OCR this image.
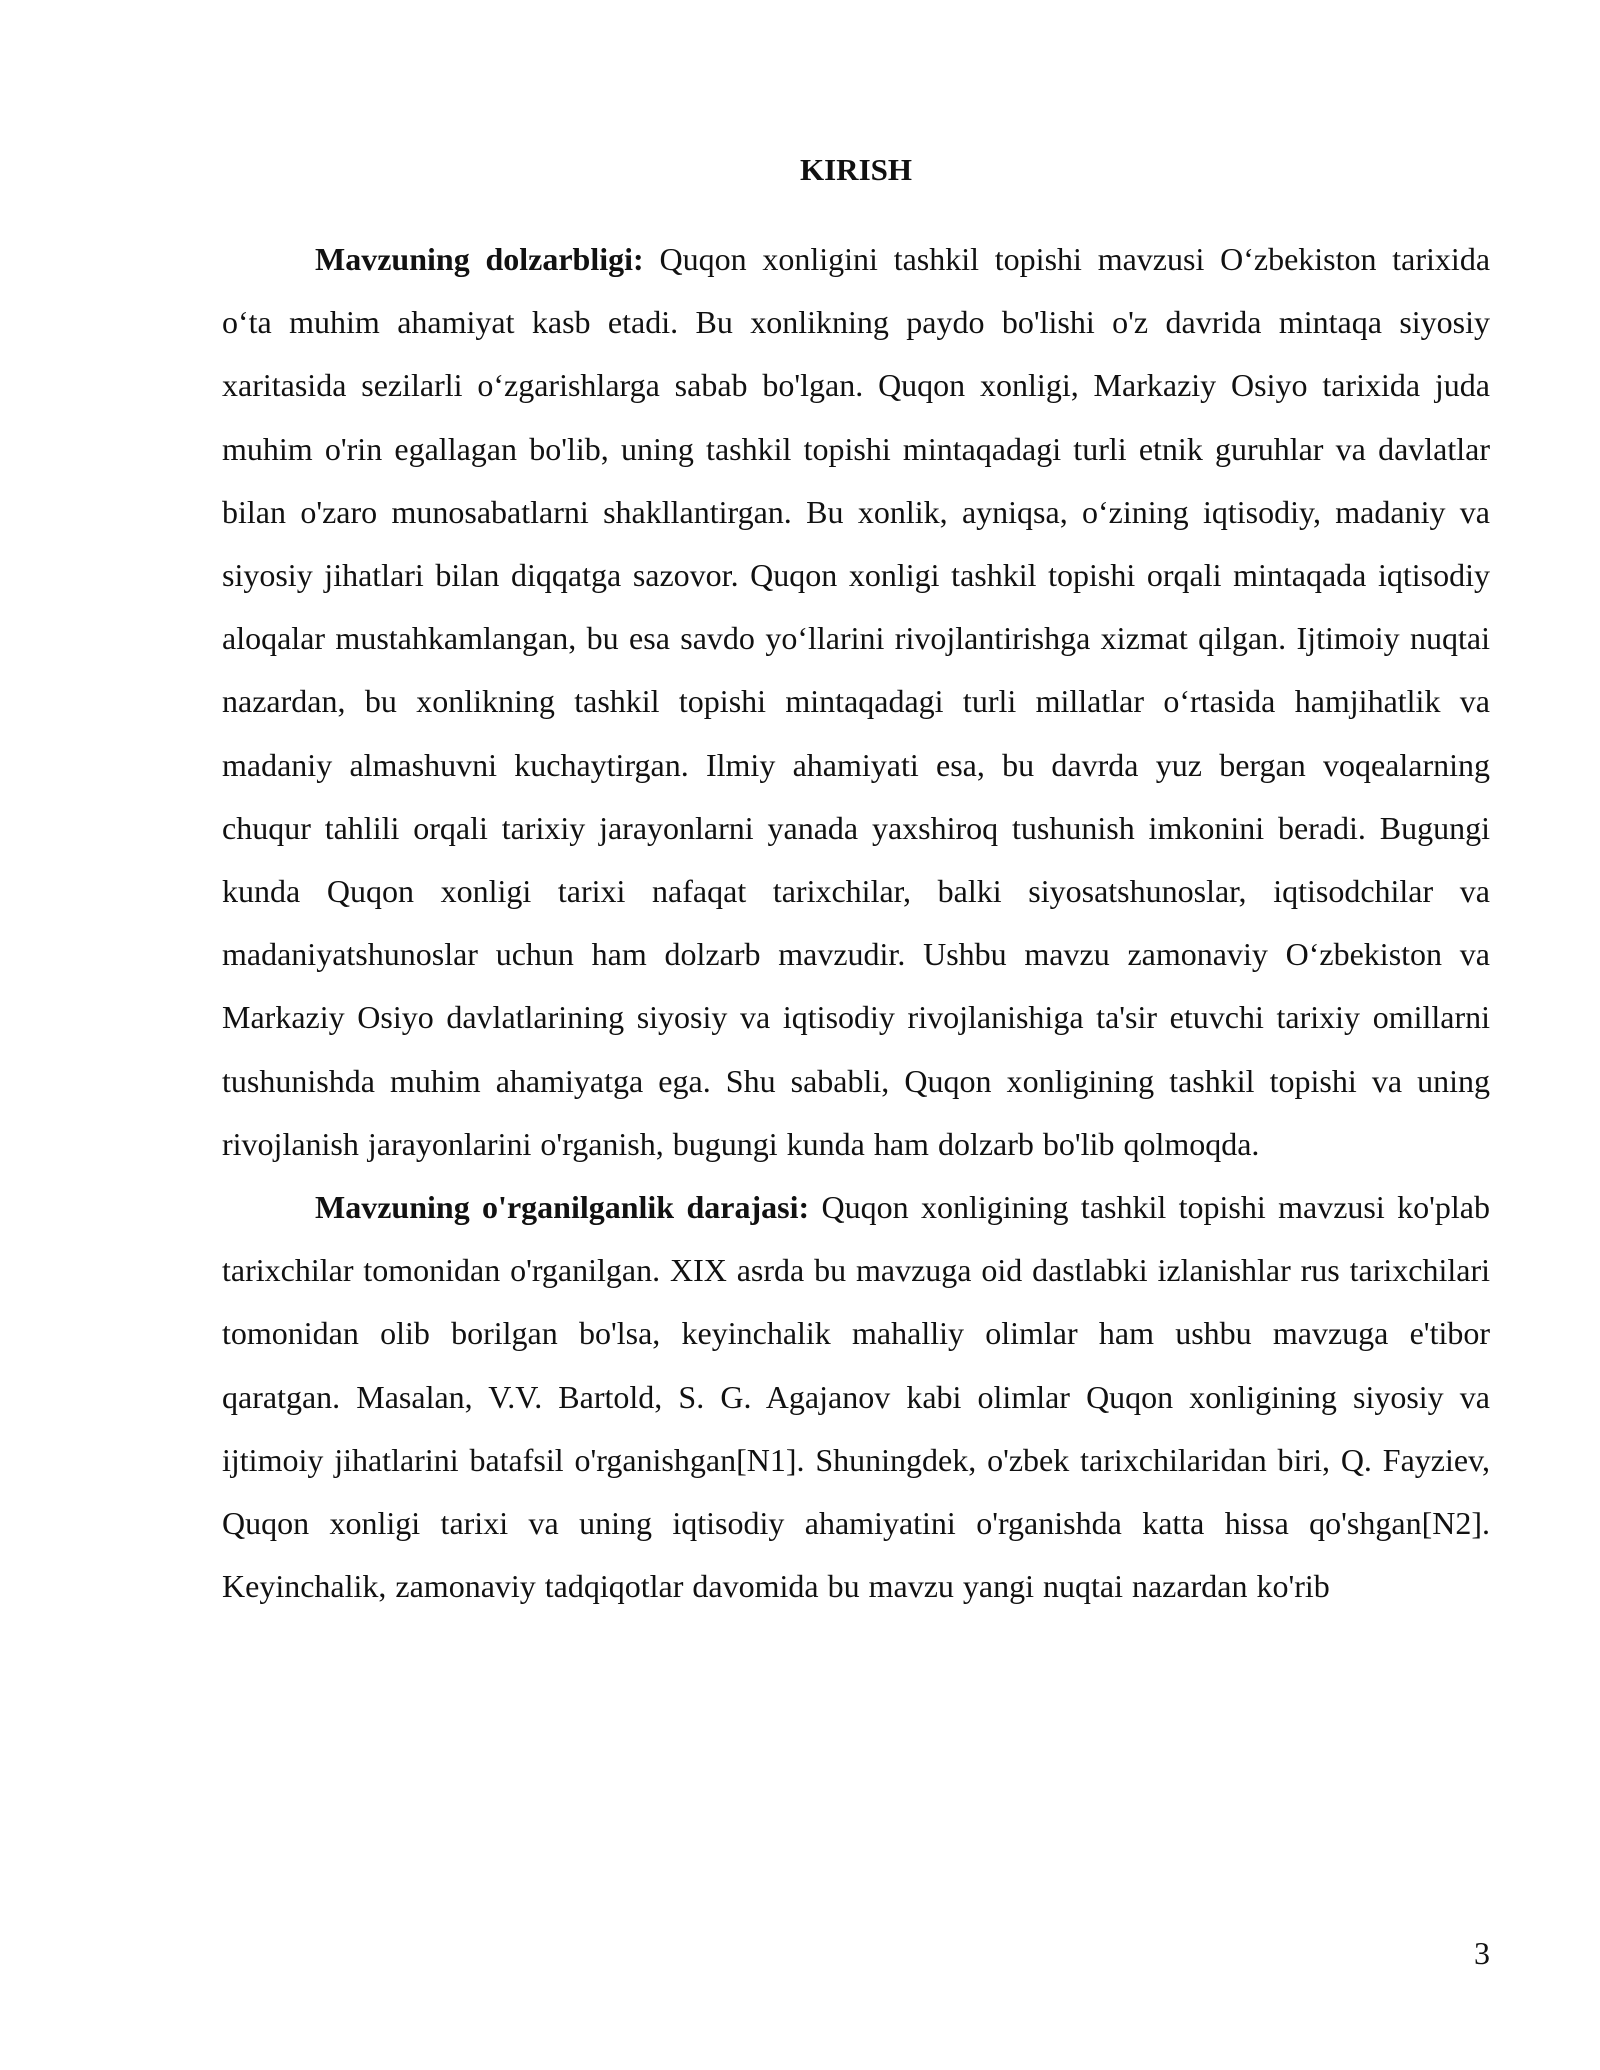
KIRISH

Mavzuning dolzarbligi: Quqon xonligini tashkil topishi mavzusi O‘zbekiston tarixida o‘ta muhim ahamiyat kasb etadi. Bu xonlikning paydo bo'lishi o'z davrida mintaqa siyosiy xaritasida sezilarli o‘zgarishlarga sabab bo'lgan. Quqon xonligi, Markaziy Osiyo tarixida juda muhim o'rin egallagan bo'lib, uning tashkil topishi mintaqadagi turli etnik guruhlar va davlatlar bilan o'zaro munosabatlarni shakllantirgan. Bu xonlik, ayniqsa, o‘zining iqtisodiy, madaniy va siyosiy jihatlari bilan diqqatga sazovor. Quqon xonligi tashkil topishi orqali mintaqada iqtisodiy aloqalar mustahkamlangan, bu esa savdo yo‘llarini rivojlantirishga xizmat qilgan. Ijtimoiy nuqtai nazardan, bu xonlikning tashkil topishi mintaqadagi turli millatlar o‘rtasida hamjihatlik va madaniy almashuvni kuchaytirgan. Ilmiy ahamiyati esa, bu davrda yuz bergan voqealarning chuqur tahlili orqali tarixiy jarayonlarni yanada yaxshiroq tushunish imkonini beradi. Bugungi kunda Quqon xonligi tarixi nafaqat tarixchilar, balki siyosatshunoslar, iqtisodchilar va madaniyatshunoslar uchun ham dolzarb mavzudir. Ushbu mavzu zamonaviy O‘zbekiston va Markaziy Osiyo davlatlarining siyosiy va iqtisodiy rivojlanishiga ta'sir etuvchi tarixiy omillarni tushunishda muhim ahamiyatga ega. Shu sababli, Quqon xonligining tashkil topishi va uning rivojlanish jarayonlarini o'rganish, bugungi kunda ham dolzarb bo'lib qolmoqda.

Mavzuning o'rganilganlik darajasi: Quqon xonligining tashkil topishi mavzusi ko'plab tarixchilar tomonidan o'rganilgan. XIX asrda bu mavzuga oid dastlabki izlanishlar rus tarixchilari tomonidan olib borilgan bo'lsa, keyinchalik mahalliy olimlar ham ushbu mavzuga e'tibor qaratgan. Masalan, V.V. Bartold, S. G. Agajanov kabi olimlar Quqon xonligining siyosiy va ijtimoiy jihatlarini batafsil o'rganishgan[N1]. Shuningdek, o'zbek tarixchilaridan biri, Q. Fayziev, Quqon xonligi tarixi va uning iqtisodiy ahamiyatini o'rganishda katta hissa qo'shgan[N2]. Keyinchalik, zamonaviy tadqiqotlar davomida bu mavzu yangi nuqtai nazardan ko'rib

3
